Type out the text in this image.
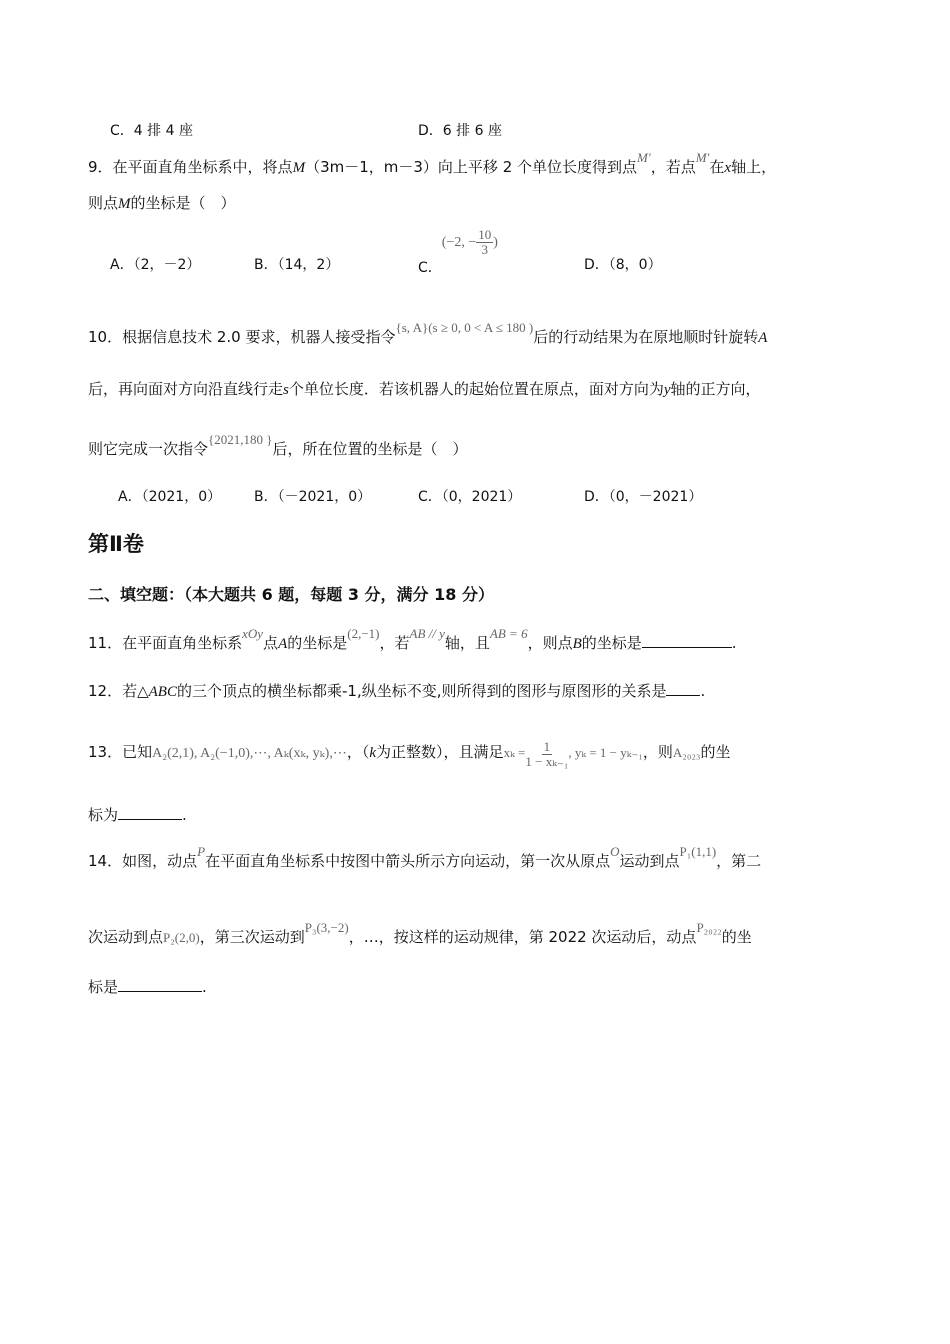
C．4 排 4 座	D．6 排 6 座
9．在平面直角坐标系中，将点M（3m－1，m－3）向上平移 2 个单位长度得到点M′，若点M′在x轴上，
则点M的坐标是（　）
A．（2，－2）	B．（14，2）	C．(−2, − $\frac{10}{3}$ )
D．（8，0）
10．根据信息技术 2.0 要求，机器人接受指令{s, A}(s ≥ 0, 0 < A ≤ 180 )后的行动结果为在原地顺时针旋转A
后，再向面对方向沿直线行走s个单位长度．若该机器人的起始位置在原点，面对方向为y轴的正方向，
则它完成一次指令{2021,180 }后，所在位置的坐标是（　）
A．（2021，0） B．（－2021，0）	C．（0，2021）	D．（0，－2021）
第Ⅱ卷
二、填空题：（本大题共 6 题，每题 3 分，满分 18 分）
11．在平面直角坐标系xOy点A的坐标是(2,−1)，若AB // y轴，且AB = 6，则点B的坐标是	.
12．若△ABC的三个顶点的横坐标都乘-1,纵坐标不变,则所得到的图形与原图形的关系是 .
13．已知A₂(2,1), A₂(−1,0),⋯, Aₖ(xₖ, yₖ),⋯，（k为正整数），且满足$x_k = \frac{1}{\text{1 − xₖ₋₁}}$ , yₖ = 1 − yₖ₋₁，则A₂₀₂₃的坐
标为	.
14．如图，动点P在平面直角坐标系中按图中箭头所示方向运动，第一次从原点O运动到点P₁(1,1)，第二
次运动到点P₂(2,0)，第三次运动到P₃(3,−2)，…，按这样的运动规律，第 2022 次运动后，动点P₂₀₂₂的坐
标是	.
